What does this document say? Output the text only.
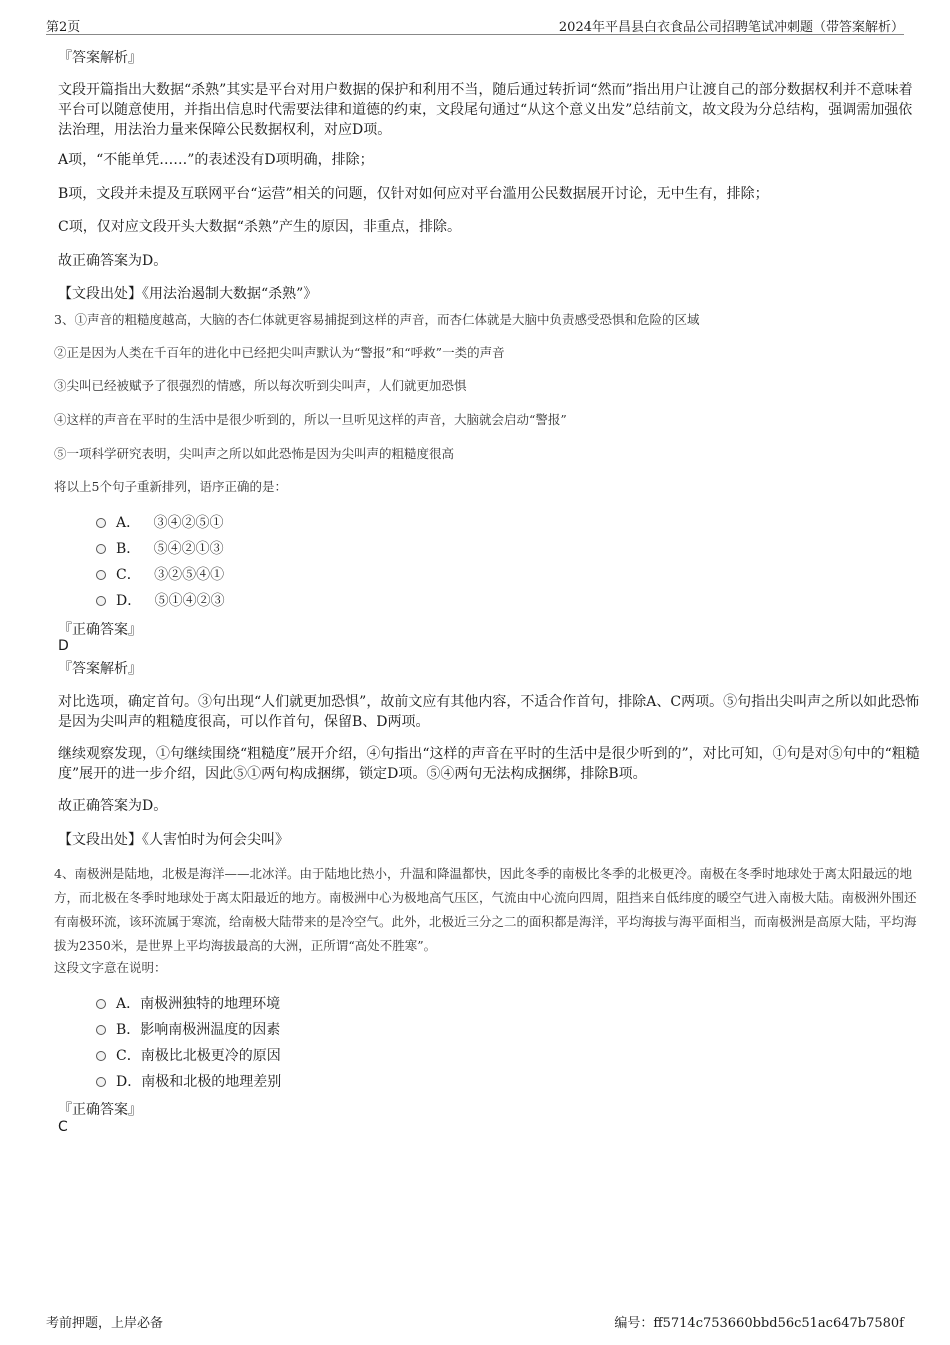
第2页	2024年平昌县白衣食品公司招聘笔试冲刺题（带答案解析）
『答案解析』
文段开篇指出大数据“杀熟”其实是平台对用户数据的保护和利用不当，随后通过转折词“然而”指出用户让渡自己的部分数据权利并不意味着平台可以随意使用，并指出信息时代需要法律和道德的约束，文段尾句通过“从这个意义出发”总结前文，故文段为分总结构，强调需加强依法治理，用法治力量来保障公民数据权利，对应D项。
A项，“不能单凭……”的表述没有D项明确，排除；
B项，文段并未提及互联网平台“运营”相关的问题，仅针对如何应对平台滥用公民数据展开讨论，无中生有，排除；
C项，仅对应文段开头大数据“杀熟”产生的原因，非重点，排除。
故正确答案为D。
【文段出处】《用法治遏制大数据“杀熟”》
3、①声音的粗糙度越高，大脑的杏仁体就更容易捕捉到这样的声音，而杏仁体就是大脑中负责感受恐惧和危险的区域
②正是因为人类在千百年的进化中已经把尖叫声默认为“警报”和“呼救”一类的声音
③尖叫已经被赋予了很强烈的情感，所以每次听到尖叫声，人们就更加恐惧
④这样的声音在平时的生活中是很少听到的，所以一旦听见这样的声音，大脑就会启动“警报”
⑤一项科学研究表明，尖叫声之所以如此恐怖是因为尖叫声的粗糙度很高
将以上5个句子重新排列，语序正确的是：
A． ③④②⑤①
B． ⑤④②①③
C． ③②⑤④①
D． ⑤①④②③
『正确答案』
D
『答案解析』
对比选项，确定首句。③句出现“人们就更加恐惧”，故前文应有其他内容，不适合作首句，排除A、C两项。⑤句指出尖叫声之所以如此恐怖是因为尖叫声的粗糙度很高，可以作首句，保留B、D两项。
继续观察发现，①句继续围绕“粗糙度”展开介绍，④句指出“这样的声音在平时的生活中是很少听到的”，对比可知，①句是对⑤句中的“粗糙度”展开的进一步介绍，因此⑤①两句构成捆绑，锁定D项。⑤④两句无法构成捆绑，排除B项。
故正确答案为D。
【文段出处】《人害怕时为何会尖叫》
4、南极洲是陆地，北极是海洋——北冰洋。由于陆地比热小，升温和降温都快，因此冬季的南极比冬季的北极更冷。南极在冬季时地球处于离太阳最远的地方，而北极在冬季时地球处于离太阳最近的地方。南极洲中心为极地高气压区，气流由中心流向四周，阻挡来自低纬度的暖空气进入南极大陆。南极洲外围还有南极环流，该环流属于寒流，给南极大陆带来的是冷空气。此外，北极近三分之二的面积都是海洋，平均海拔与海平面相当，而南极洲是高原大陆，平均海拔为2350米，是世界上平均海拔最高的大洲，正所谓“高处不胜寒”。
这段文字意在说明：
A．南极洲独特的地理环境
B．影响南极洲温度的因素
C．南极比北极更冷的原因
D．南极和北极的地理差别
『正确答案』
C
考前押题，上岸必备	编号：ff5714c753660bbd56c51ac647b7580f
